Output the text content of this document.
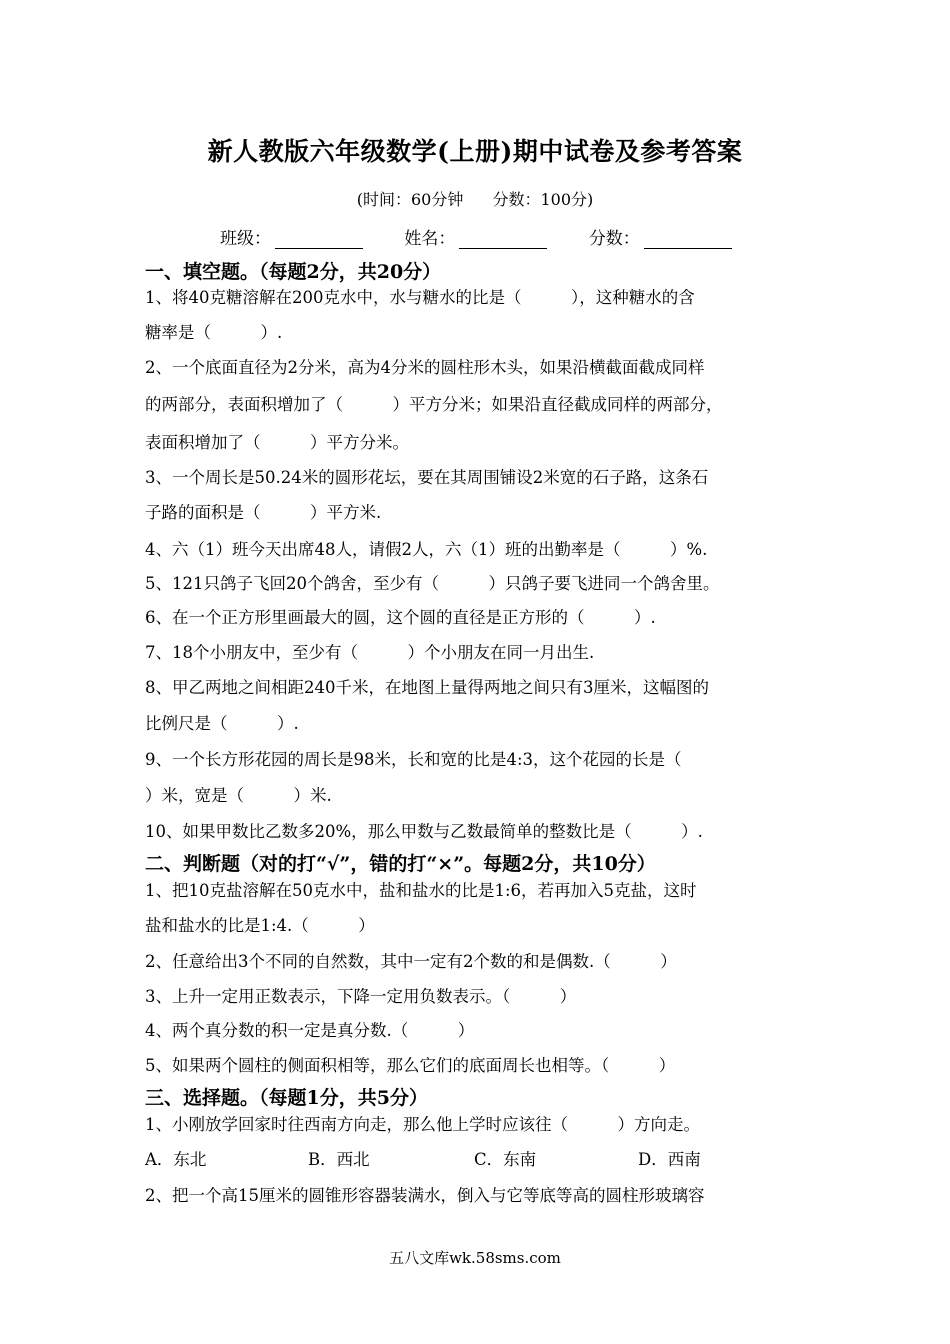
新人教版六年级数学(上册)期中试卷及参考答案
(时间：60分钟 分数：100分)
班级：	姓名：	分数：
一、填空题。（每题2分，共20分）
1、将40克糖溶解在200克水中，水与糖水的比是（　　　），这种糖水的含
糖率是（　　　）.
2、一个底面直径为2分米，高为4分米的圆柱形木头，如果沿横截面截成同样
的两部分，表面积增加了（　　　）平方分米；如果沿直径截成同样的两部分，
表面积增加了（　　　）平方分米。
3、一个周长是50.24米的圆形花坛，要在其周围铺设2米宽的石子路，这条石
子路的面积是（　　　）平方米.
4、六（1）班今天出席48人，请假2人，六（1）班的出勤率是（　　　）%.
5、121只鸽子飞回20个鸽舍，至少有（　　　）只鸽子要飞进同一个鸽舍里。
6、在一个正方形里画最大的圆，这个圆的直径是正方形的（　　　）.
7、18个小朋友中，至少有（　　　）个小朋友在同一月出生.
8、甲乙两地之间相距240千米，在地图上量得两地之间只有3厘米，这幅图的
比例尺是（　　　）.
9、一个长方形花园的周长是98米，长和宽的比是4:3，这个花园的长是（
）米，宽是（　　　）米.
10、如果甲数比乙数多20%，那么甲数与乙数最简单的整数比是（　　　）.
二、判断题（对的打“√”，错的打“×”。每题2分，共10分）
1、把10克盐溶解在50克水中，盐和盐水的比是1:6，若再加入5克盐，这时
盐和盐水的比是1:4.（　　　）
2、任意给出3个不同的自然数，其中一定有2个数的和是偶数.（　　　）
3、上升一定用正数表示，下降一定用负数表示。（　　　）
4、两个真分数的积一定是真分数.（　　　）
5、如果两个圆柱的侧面积相等，那么它们的底面周长也相等。（　　　）
三、选择题。（每题1分，共5分）
1、小刚放学回家时往西南方向走，那么他上学时应该往（　　　）方向走。
A．东北	B．西北	C．东南	D．西南
2、把一个高15厘米的圆锥形容器装满水，倒入与它等底等高的圆柱形玻璃容
五八文库wk.58sms.com
